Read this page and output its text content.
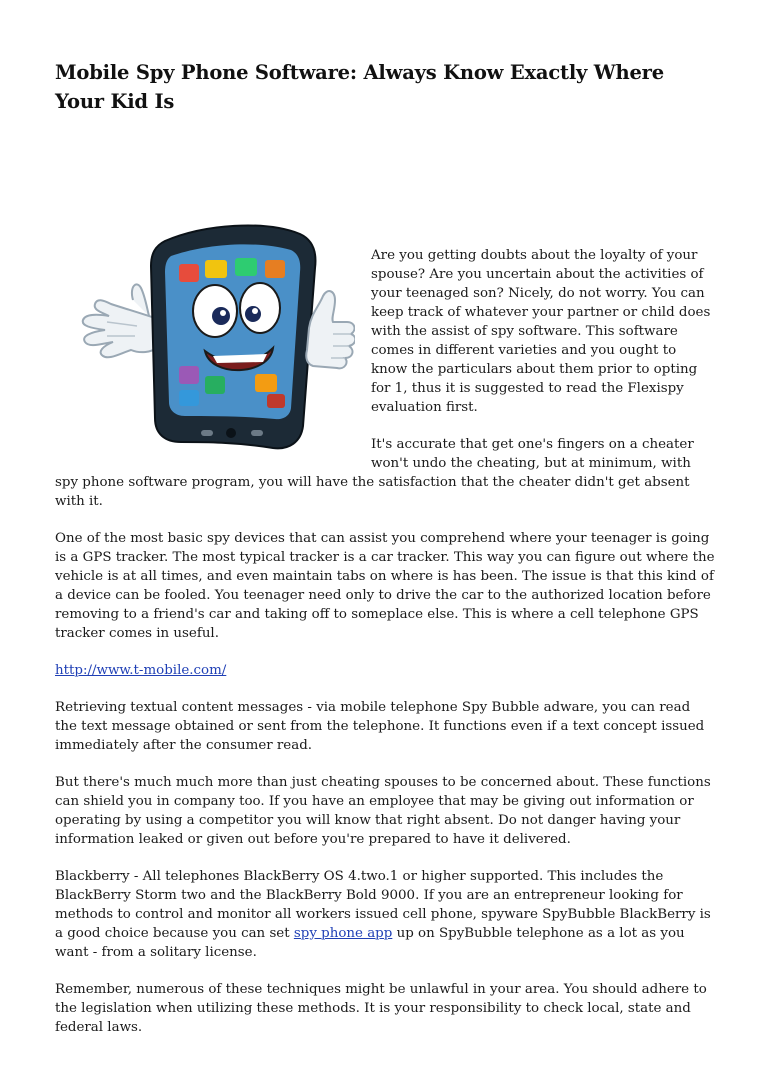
Mobile Spy Phone Software: Always Know Exactly Where Your Kid Is

Are you getting doubts about the loyalty of your spouse? Are you uncertain about the activities of your teenaged son? Nicely, do not worry. You can keep track of whatever your partner or child does with the assist of spy software. This software comes in different varieties and you ought to know the particulars about them prior to opting for 1, thus it is suggested to read the Flexispy evaluation first.

It's accurate that get one's fingers on a cheater won't undo the cheating, but at minimum, with spy phone software program, you will have the satisfaction that the cheater didn't get absent with it.

One of the most basic spy devices that can assist you comprehend where your teenager is going is a GPS tracker. The most typical tracker is a car tracker. This way you can figure out where the vehicle is at all times, and even maintain tabs on where is has been. The issue is that this kind of a device can be fooled. You teenager need only to drive the car to the authorized location before removing to a friend's car and taking off to someplace else. This is where a cell telephone GPS tracker comes in useful.

http://www.t-mobile.com/

Retrieving textual content messages - via mobile telephone Spy Bubble adware, you can read the text message obtained or sent from the telephone. It functions even if a text concept issued immediately after the consumer read.

But there's much much more than just cheating spouses to be concerned about. These functions can shield you in company too. If you have an employee that may be giving out information or operating by using a competitor you will know that right absent. Do not danger having your information leaked or given out before you're prepared to have it delivered.

Blackberry - All telephones BlackBerry OS 4.two.1 or higher supported. This includes the BlackBerry Storm two and the BlackBerry Bold 9000. If you are an entrepreneur looking for methods to control and monitor all workers issued cell phone, spyware SpyBubble BlackBerry is a good choice because you can set spy phone app up on SpyBubble telephone as a lot as you want - from a solitary license.

Remember, numerous of these techniques might be unlawful in your area. You should adhere to the legislation when utilizing these methods. It is your responsibility to check local, state and federal laws.
